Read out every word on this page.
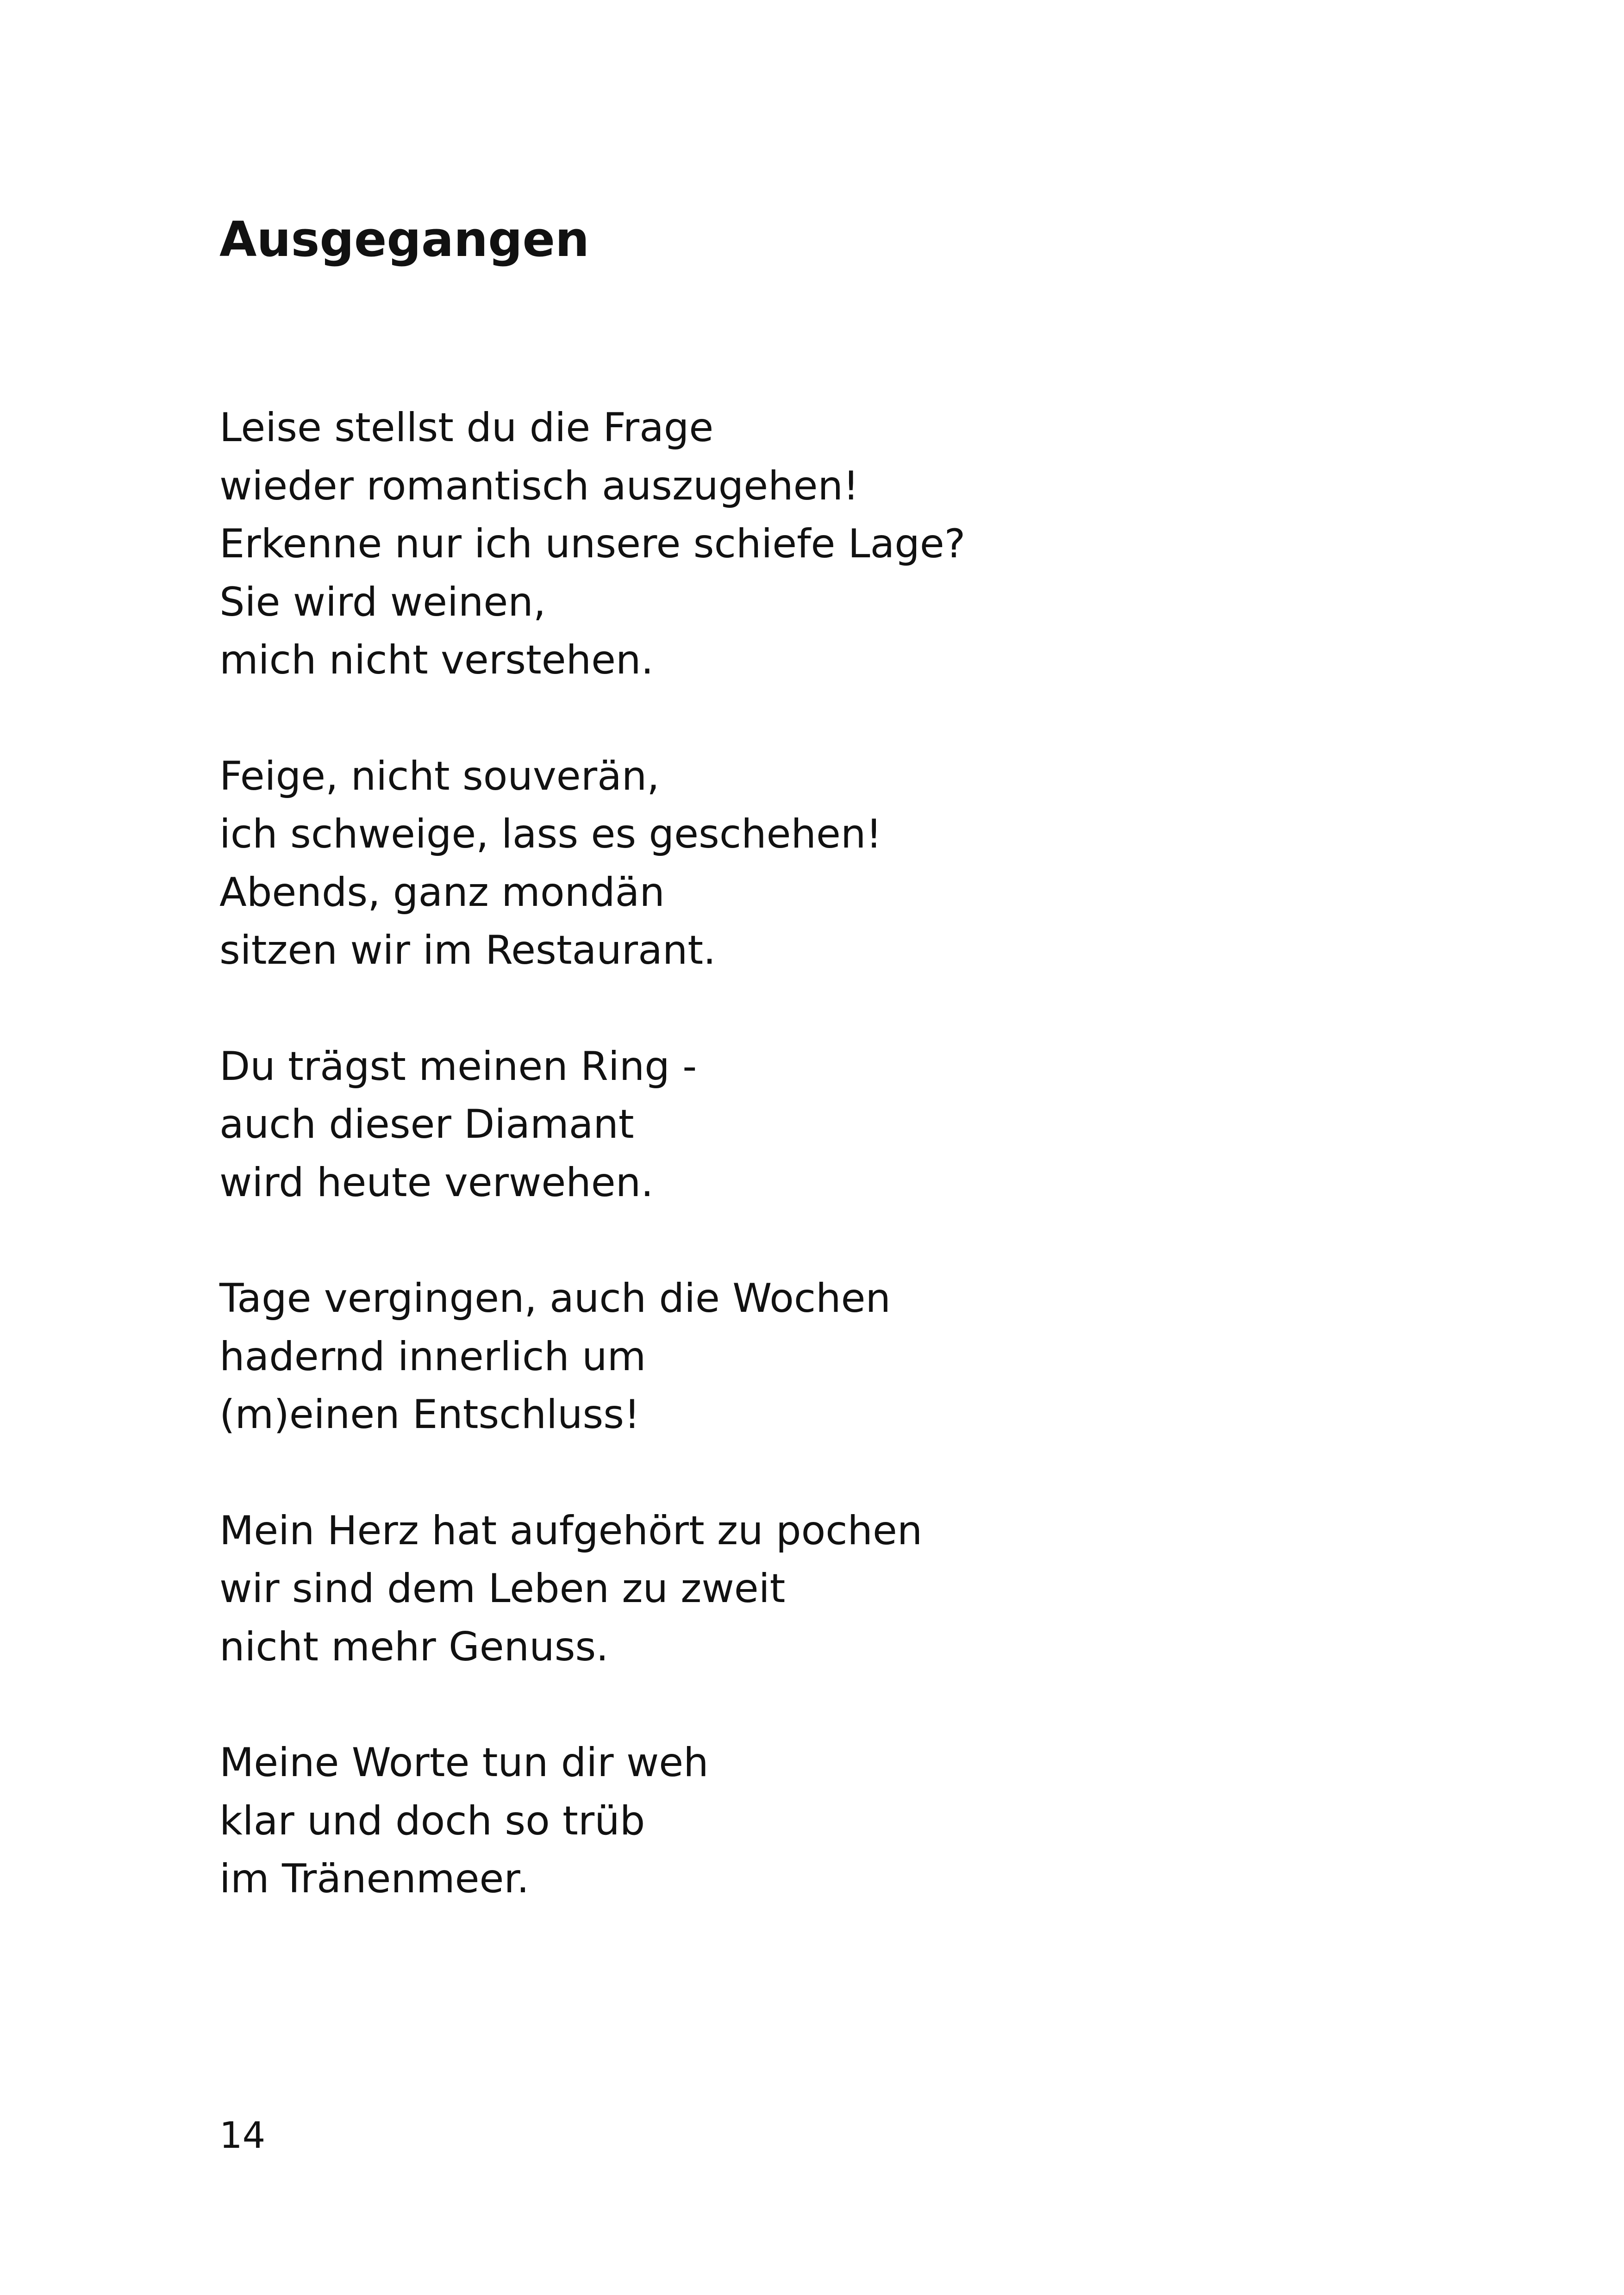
Ausgegangen
Leise stellst du die Frage
wieder romantisch auszugehen!
Erkenne nur ich unsere schiefe Lage?
Sie wird weinen,
mich nicht verstehen.
Feige, nicht souverän,
ich schweige, lass es geschehen!
Abends, ganz mondän
sitzen wir im Restaurant.
Du trägst meinen Ring -
auch dieser Diamant
wird heute verwehen.
Tage vergingen, auch die Wochen
hadernd innerlich um
(m)einen Entschluss!
Mein Herz hat aufgehört zu pochen
wir sind dem Leben zu zweit
nicht mehr Genuss.
Meine Worte tun dir weh
klar und doch so trüb
im Tränenmeer.
14
